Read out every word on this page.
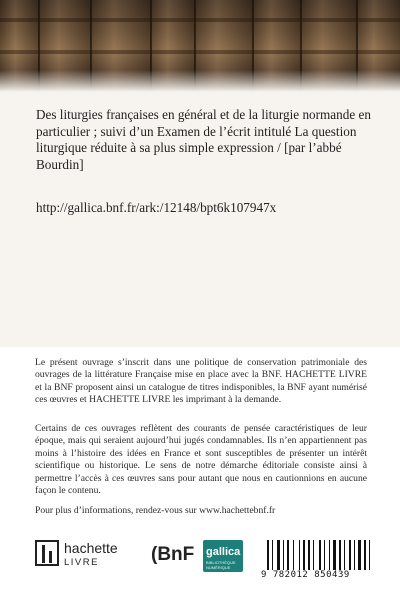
Des liturgies françaises en général et de la liturgie normande en particulier ; suivi d’un Examen de l’écrit intitulé La question liturgique réduite à sa plus simple expression / [par l’abbé Bourdin]

http://gallica.bnf.fr/ark:/12148/bpt6k107947x

Le présent ouvrage s’inscrit dans une politique de conservation patrimoniale des ouvrages de la littérature Française mise en place avec la BNF. HACHETTE LIVRE et la BNF proposent ainsi un catalogue de titres indisponibles, la BNF ayant numérisé ces œuvres et HACHETTE LIVRE les imprimant à la demande.

Certains de ces ouvrages reflètent des courants de pensée caractéristiques de leur époque, mais qui seraient aujourd’hui jugés condamnables. Ils n’en appartiennent pas moins à l’histoire des idées en France et sont susceptibles de présenter un intérêt scientifique ou historique. Le sens de notre démarche éditoriale consiste ainsi à permettre l’accès à ces œuvres sans pour autant que nous en cautionnions en aucune façon le contenu.

Pour plus d’informations, rendez-vous sur www.hachettebnf.fr

hachette
LIVRE	(BnF gallica
BIBLIOTHÈQUE NUMÉRIQUE
9 782012 850439
